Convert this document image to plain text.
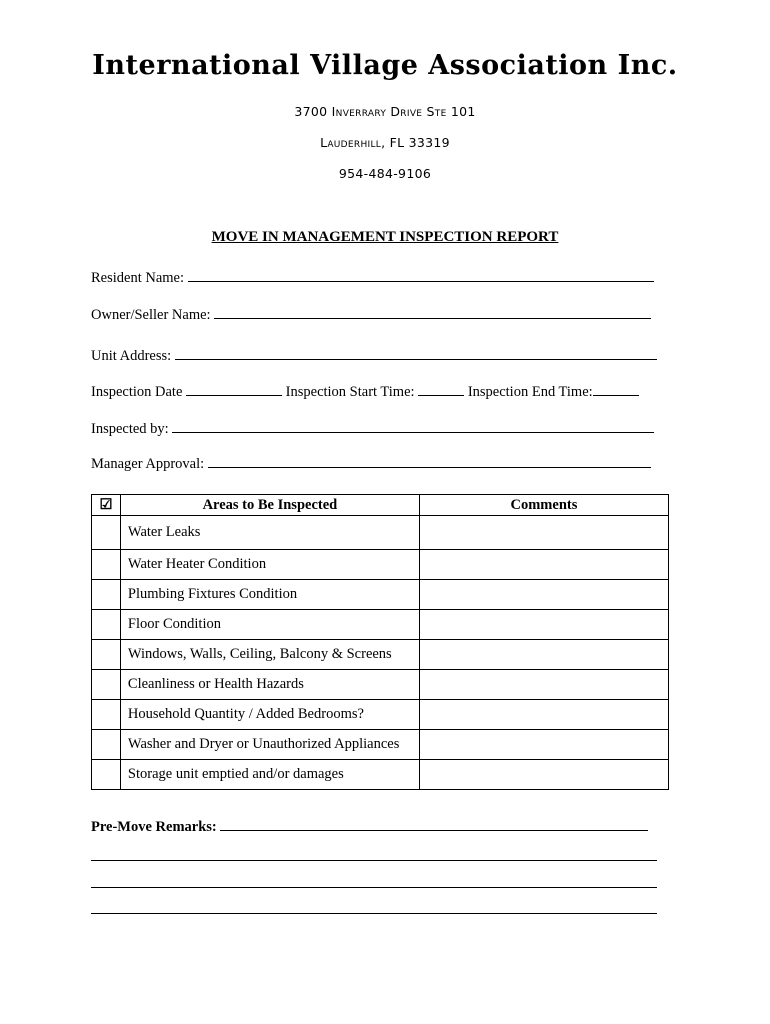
International Village Association Inc.
3700 Inverrary Drive Ste 101
Lauderhill, FL 33319
954-484-9106
MOVE IN MANAGEMENT INSPECTION REPORT
Resident Name:
Owner/Seller Name:
Unit Address:
Inspection Date	Inspection Start Time:	Inspection End Time:
Inspected by:
Manager Approval:
☑	Areas to Be Inspected	Comments
	Water Leaks	
	Water Heater Condition	
	Plumbing Fixtures Condition	
	Floor Condition	
	Windows, Walls, Ceiling, Balcony & Screens	
	Cleanliness or Health Hazards	
	Household Quantity / Added Bedrooms?	
	Washer and Dryer or Unauthorized Appliances	
	Storage unit emptied and/or damages	
Pre-Move Remarks:
